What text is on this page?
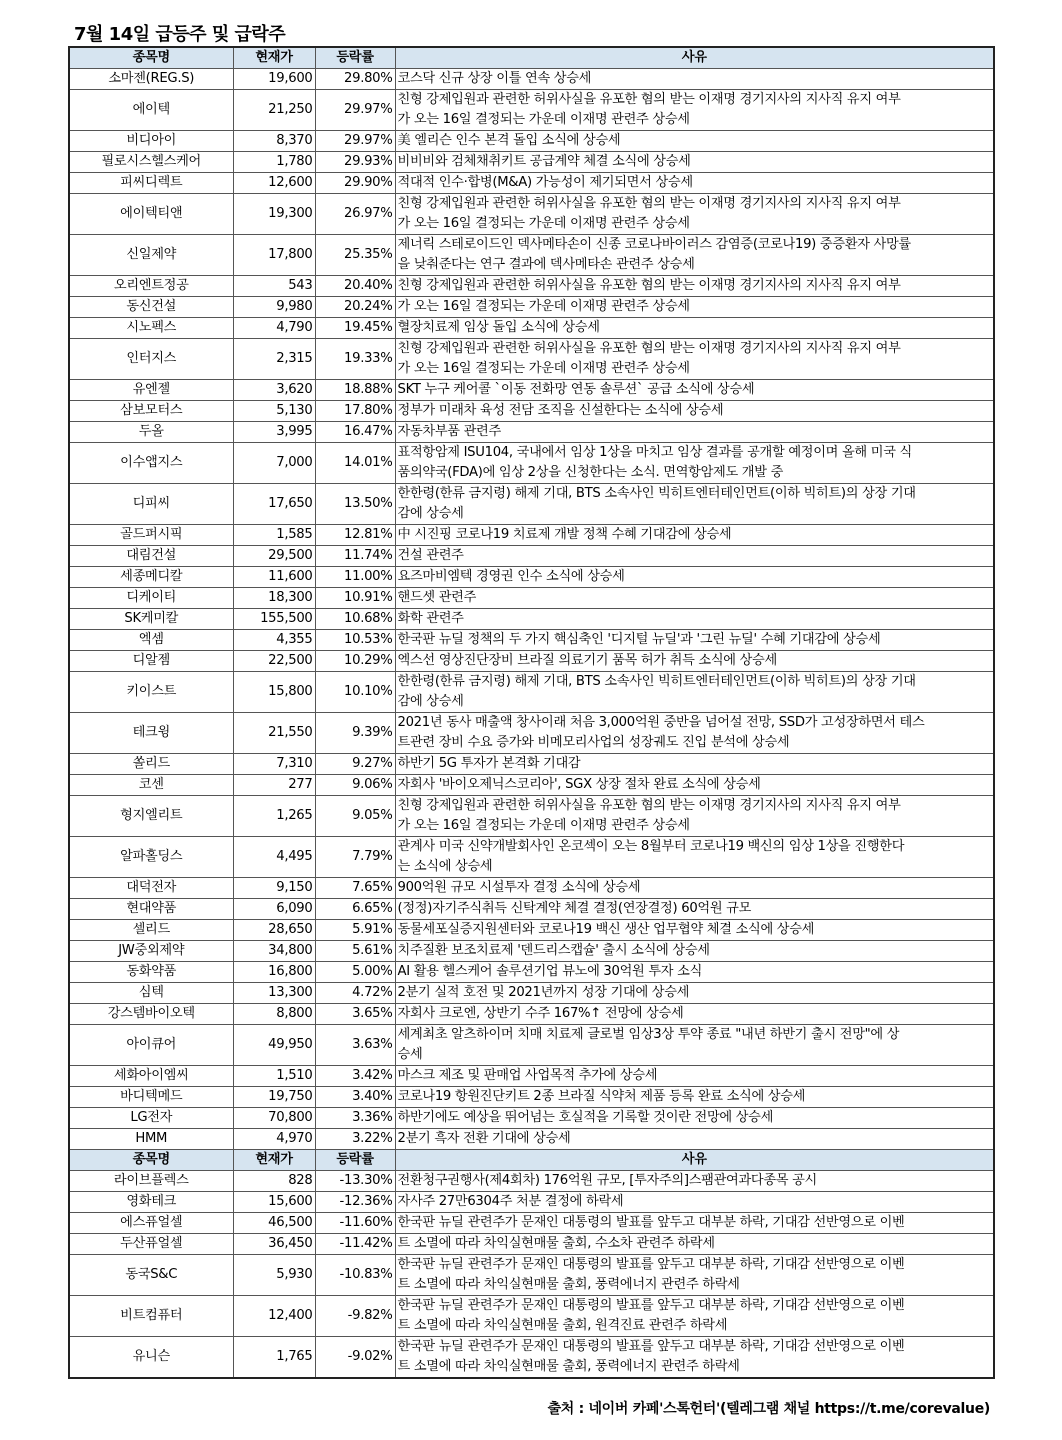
7월 14일 급등주 및 급락주
종목명	현재가	등락률	사유
소마젠(REG.S)	19,600	29.80%	코스닥 신규 상장 이틀 연속 상승세

에이텍	21,250	29.97%	친형 강제입원과 관련한 허위사실을 유포한 혐의 받는 이재명 경기지사의 지사직 유지 여부
가 오는 16일 결정되는 가운데 이재명 관련주 상승세

비디아이	8,370	29.97%	美 엘리슨 인수 본격 돌입 소식에 상승세

필로시스헬스케어	1,780	29.93%	비비비와 검체채취키트 공급계약 체결 소식에 상승세

피씨디렉트	12,600	29.90%	적대적 인수·합병(M&A) 가능성이 제기되면서 상승세

에이텍티앤	19,300	26.97%	친형 강제입원과 관련한 허위사실을 유포한 혐의 받는 이재명 경기지사의 지사직 유지 여부
가 오는 16일 결정되는 가운데 이재명 관련주 상승세

신일제약	17,800	25.35%	제너릭 스테로이드인 덱사메타손이 신종 코로나바이러스 감염증(코로나19) 중증환자 사망률
을 낮춰준다는 연구 결과에 덱사메타손 관련주 상승세

오리엔트정공	543	20.40%	친형 강제입원과 관련한 허위사실을 유포한 혐의 받는 이재명 경기지사의 지사직 유지 여부

동신건설	9,980	20.24%	가 오는 16일 결정되는 가운데 이재명 관련주 상승세

시노펙스	4,790	19.45%	혈장치료제 임상 돌입 소식에 상승세

인터지스	2,315	19.33%	친형 강제입원과 관련한 허위사실을 유포한 혐의 받는 이재명 경기지사의 지사직 유지 여부
가 오는 16일 결정되는 가운데 이재명 관련주 상승세

유엔젤	3,620	18.88%	SKT 누구 케어콜 `이동 전화망 연동 솔루션` 공급 소식에 상승세

삼보모터스	5,130	17.80%	정부가 미래차 육성 전담 조직을 신설한다는 소식에 상승세

두올	3,995	16.47%	자동차부품 관련주

이수앱지스	7,000	14.01%	표적항암제 ISU104, 국내에서 임상 1상을 마치고 임상 결과를 공개할 예정이며 올해 미국 식
품의약국(FDA)에 임상 2상을 신청한다는 소식. 면역항암제도 개발 중

디피씨	17,650	13.50%	한한령(한류 금지령) 해제 기대, BTS 소속사인 빅히트엔터테인먼트(이하 빅히트)의 상장 기대
감에 상승세

골드퍼시픽	1,585	12.81%	中 시진핑 코로나19 치료제 개발 정책 수혜 기대감에 상승세

대림건설	29,500	11.74%	건설 관련주

세종메디칼	11,600	11.00%	요즈마비엠텍 경영권 인수 소식에 상승세

디케이티	18,300	10.91%	핸드셋 관련주

SK케미칼	155,500	10.68%	화학 관련주

엑셈	4,355	10.53%	한국판 뉴딜 정책의 두 가지 핵심축인 '디지털 뉴딜'과 '그린 뉴딜' 수혜 기대감에 상승세

디알젬	22,500	10.29%	엑스선 영상진단장비 브라질 의료기기 품목 허가 취득 소식에 상승세

키이스트	15,800	10.10%	한한령(한류 금지령) 해제 기대, BTS 소속사인 빅히트엔터테인먼트(이하 빅히트)의 상장 기대
감에 상승세

테크윙	21,550	9.39%	2021년 동사 매출액 창사이래 처음 3,000억원 중반을 넘어설 전망, SSD가 고성장하면서 테스
트관련 장비 수요 증가와 비메모리사업의 성장궤도 진입 분석에 상승세

쏠리드	7,310	9.27%	하반기 5G 투자가 본격화 기대감

코센	277	9.06%	자회사 '바이오제닉스코리아', SGX 상장 절차 완료 소식에 상승세

형지엘리트	1,265	9.05%	친형 강제입원과 관련한 허위사실을 유포한 혐의 받는 이재명 경기지사의 지사직 유지 여부
가 오는 16일 결정되는 가운데 이재명 관련주 상승세

알파홀딩스	4,495	7.79%	관계사 미국 신약개발회사인 온코섹이 오는 8월부터 코로나19 백신의 임상 1상을 진행한다
는 소식에 상승세

대덕전자	9,150	7.65%	900억원 규모 시설투자 결정 소식에 상승세

현대약품	6,090	6.65%	(정정)자기주식취득 신탁계약 체결 결정(연장결정) 60억원 규모

셀리드	28,650	5.91%	동물세포실증지원센터와 코로나19 백신 생산 업무협약 체결 소식에 상승세

JW중외제약	34,800	5.61%	치주질환 보조치료제 '덴드리스캡슐' 출시 소식에 상승세

동화약품	16,800	5.00%	AI 활용 헬스케어 솔루션기업 뷰노에 30억원 투자 소식

심텍	13,300	4.72%	2분기 실적 호전 및 2021년까지 성장 기대에 상승세

강스템바이오텍	8,800	3.65%	자회사 크로엔, 상반기 수주 167%↑ 전망에 상승세

아이큐어	49,950	3.63%	세계최초 알츠하이머 치매 치료제 글로벌 임상3상 투약 종료 "내년 하반기 출시 전망"에 상
승세

세화아이엠씨	1,510	3.42%	마스크 제조 및 판매업 사업목적 추가에 상승세

바디텍메드	19,750	3.40%	코로나19 항원진단키트 2종 브라질 식약처 제품 등록 완료 소식에 상승세

LG전자	70,800	3.36%	하반기에도 예상을 뛰어넘는 호실적을 기록할 것이란 전망에 상승세

HMM	4,970	3.22%	2분기 흑자 전환 기대에 상승세

종목명	현재가	등락률	사유
라이브플렉스	828	-13.30%	전환청구권행사(제4회차) 176억원 규모, [투자주의]스팸관여과다종목 공시

영화테크	15,600	-12.36%	자사주 27만6304주 처분 결정에 하락세

에스퓨얼셀	46,500	-11.60%	한국판 뉴딜 관련주가 문재인 대통령의 발표를 앞두고 대부분 하락, 기대감 선반영으로 이벤

두산퓨얼셀	36,450	-11.42%	트 소멸에 따라 차익실현매물 출회, 수소차 관련주 하락세

동국S&C	5,930	-10.83%	한국판 뉴딜 관련주가 문재인 대통령의 발표를 앞두고 대부분 하락, 기대감 선반영으로 이벤
트 소멸에 따라 차익실현매물 출회, 풍력에너지 관련주 하락세

비트컴퓨터	12,400	-9.82%	한국판 뉴딜 관련주가 문재인 대통령의 발표를 앞두고 대부분 하락, 기대감 선반영으로 이벤
트 소멸에 따라 차익실현매물 출회, 원격진료 관련주 하락세

유니슨	1,765	-9.02%	한국판 뉴딜 관련주가 문재인 대통령의 발표를 앞두고 대부분 하락, 기대감 선반영으로 이벤
트 소멸에 따라 차익실현매물 출회, 풍력에너지 관련주 하락세
출처 : 네이버 카페'스톡헌터'(텔레그램 채널 https://t.me/corevalue)
